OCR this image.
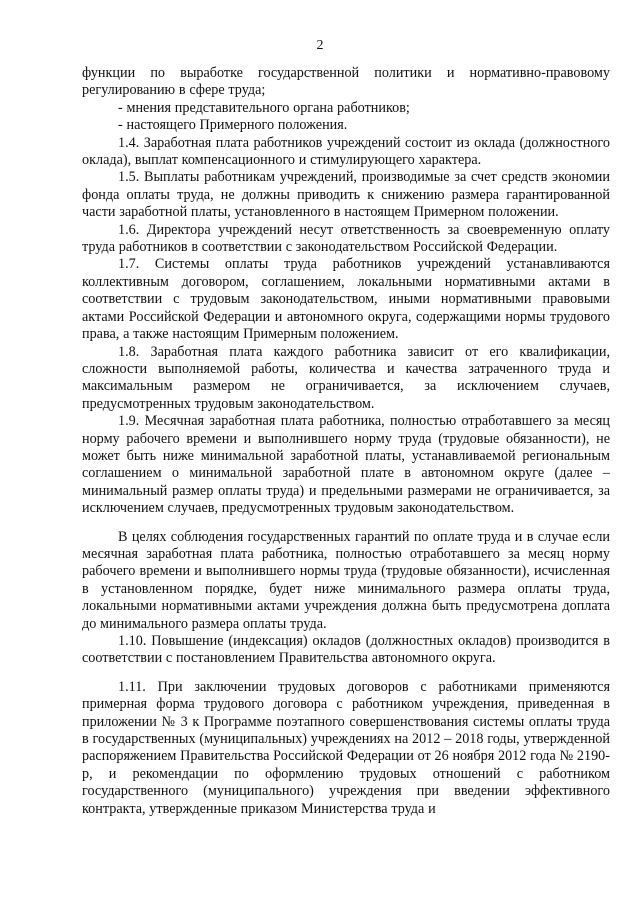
2

функции по выработке государственной политики и нормативно-правовому регулированию в сфере труда;

- мнения представительного органа работников;

- настоящего Примерного положения.

1.4. Заработная плата работников учреждений состоит из оклада (должностного оклада), выплат компенсационного и стимулирующего характера.

1.5. Выплаты работникам учреждений, производимые за счет средств экономии фонда оплаты труда, не должны приводить к снижению размера гарантированной части заработной платы, установленного в настоящем Примерном положении.

1.6. Директора учреждений несут ответственность за своевременную оплату труда работников в соответствии с законодательством Российской Федерации.

1.7. Системы оплаты труда работников учреждений устанавливаются коллективным договором, соглашением, локальными нормативными актами в соответствии с трудовым законодательством, иными нормативными правовыми актами Российской Федерации и автономного округа, содержащими нормы трудового права, а также настоящим Примерным положением.

1.8. Заработная плата каждого работника зависит от его квалификации, сложности выполняемой работы, количества и качества затраченного труда и максимальным размером не ограничивается, за исключением случаев, предусмотренных трудовым законодательством.

1.9. Месячная заработная плата работника, полностью отработавшего за месяц норму рабочего времени и выполнившего норму труда (трудовые обязанности), не может быть ниже минимальной заработной платы, устанавливаемой региональным соглашением о минимальной заработной плате в автономном округе (далее – минимальный размер оплаты труда) и предельными размерами не ограничивается, за исключением случаев, предусмотренных трудовым законодательством.

В целях соблюдения государственных гарантий по оплате труда и в случае если месячная заработная плата работника, полностью отработавшего за месяц норму рабочего времени и выполнившего нормы труда (трудовые обязанности), исчисленная в установленном порядке, будет ниже минимального размера оплаты труда, локальными нормативными актами учреждения должна быть предусмотрена доплата до минимального размера оплаты труда.

1.10. Повышение (индексация) окладов (должностных окладов) производится в соответствии с постановлением Правительства автономного округа.

1.11. При заключении трудовых договоров с работниками применяются примерная форма трудового договора с работником учреждения, приведенная в приложении № 3 к Программе поэтапного совершенствования системы оплаты труда в государственных (муниципальных) учреждениях на 2012 – 2018 годы, утвержденной распоряжением Правительства Российской Федерации от 26 ноября 2012 года № 2190-р, и рекомендации по оформлению трудовых отношений с работником государственного (муниципального) учреждения при введении эффективного контракта, утвержденные приказом Министерства труда и
